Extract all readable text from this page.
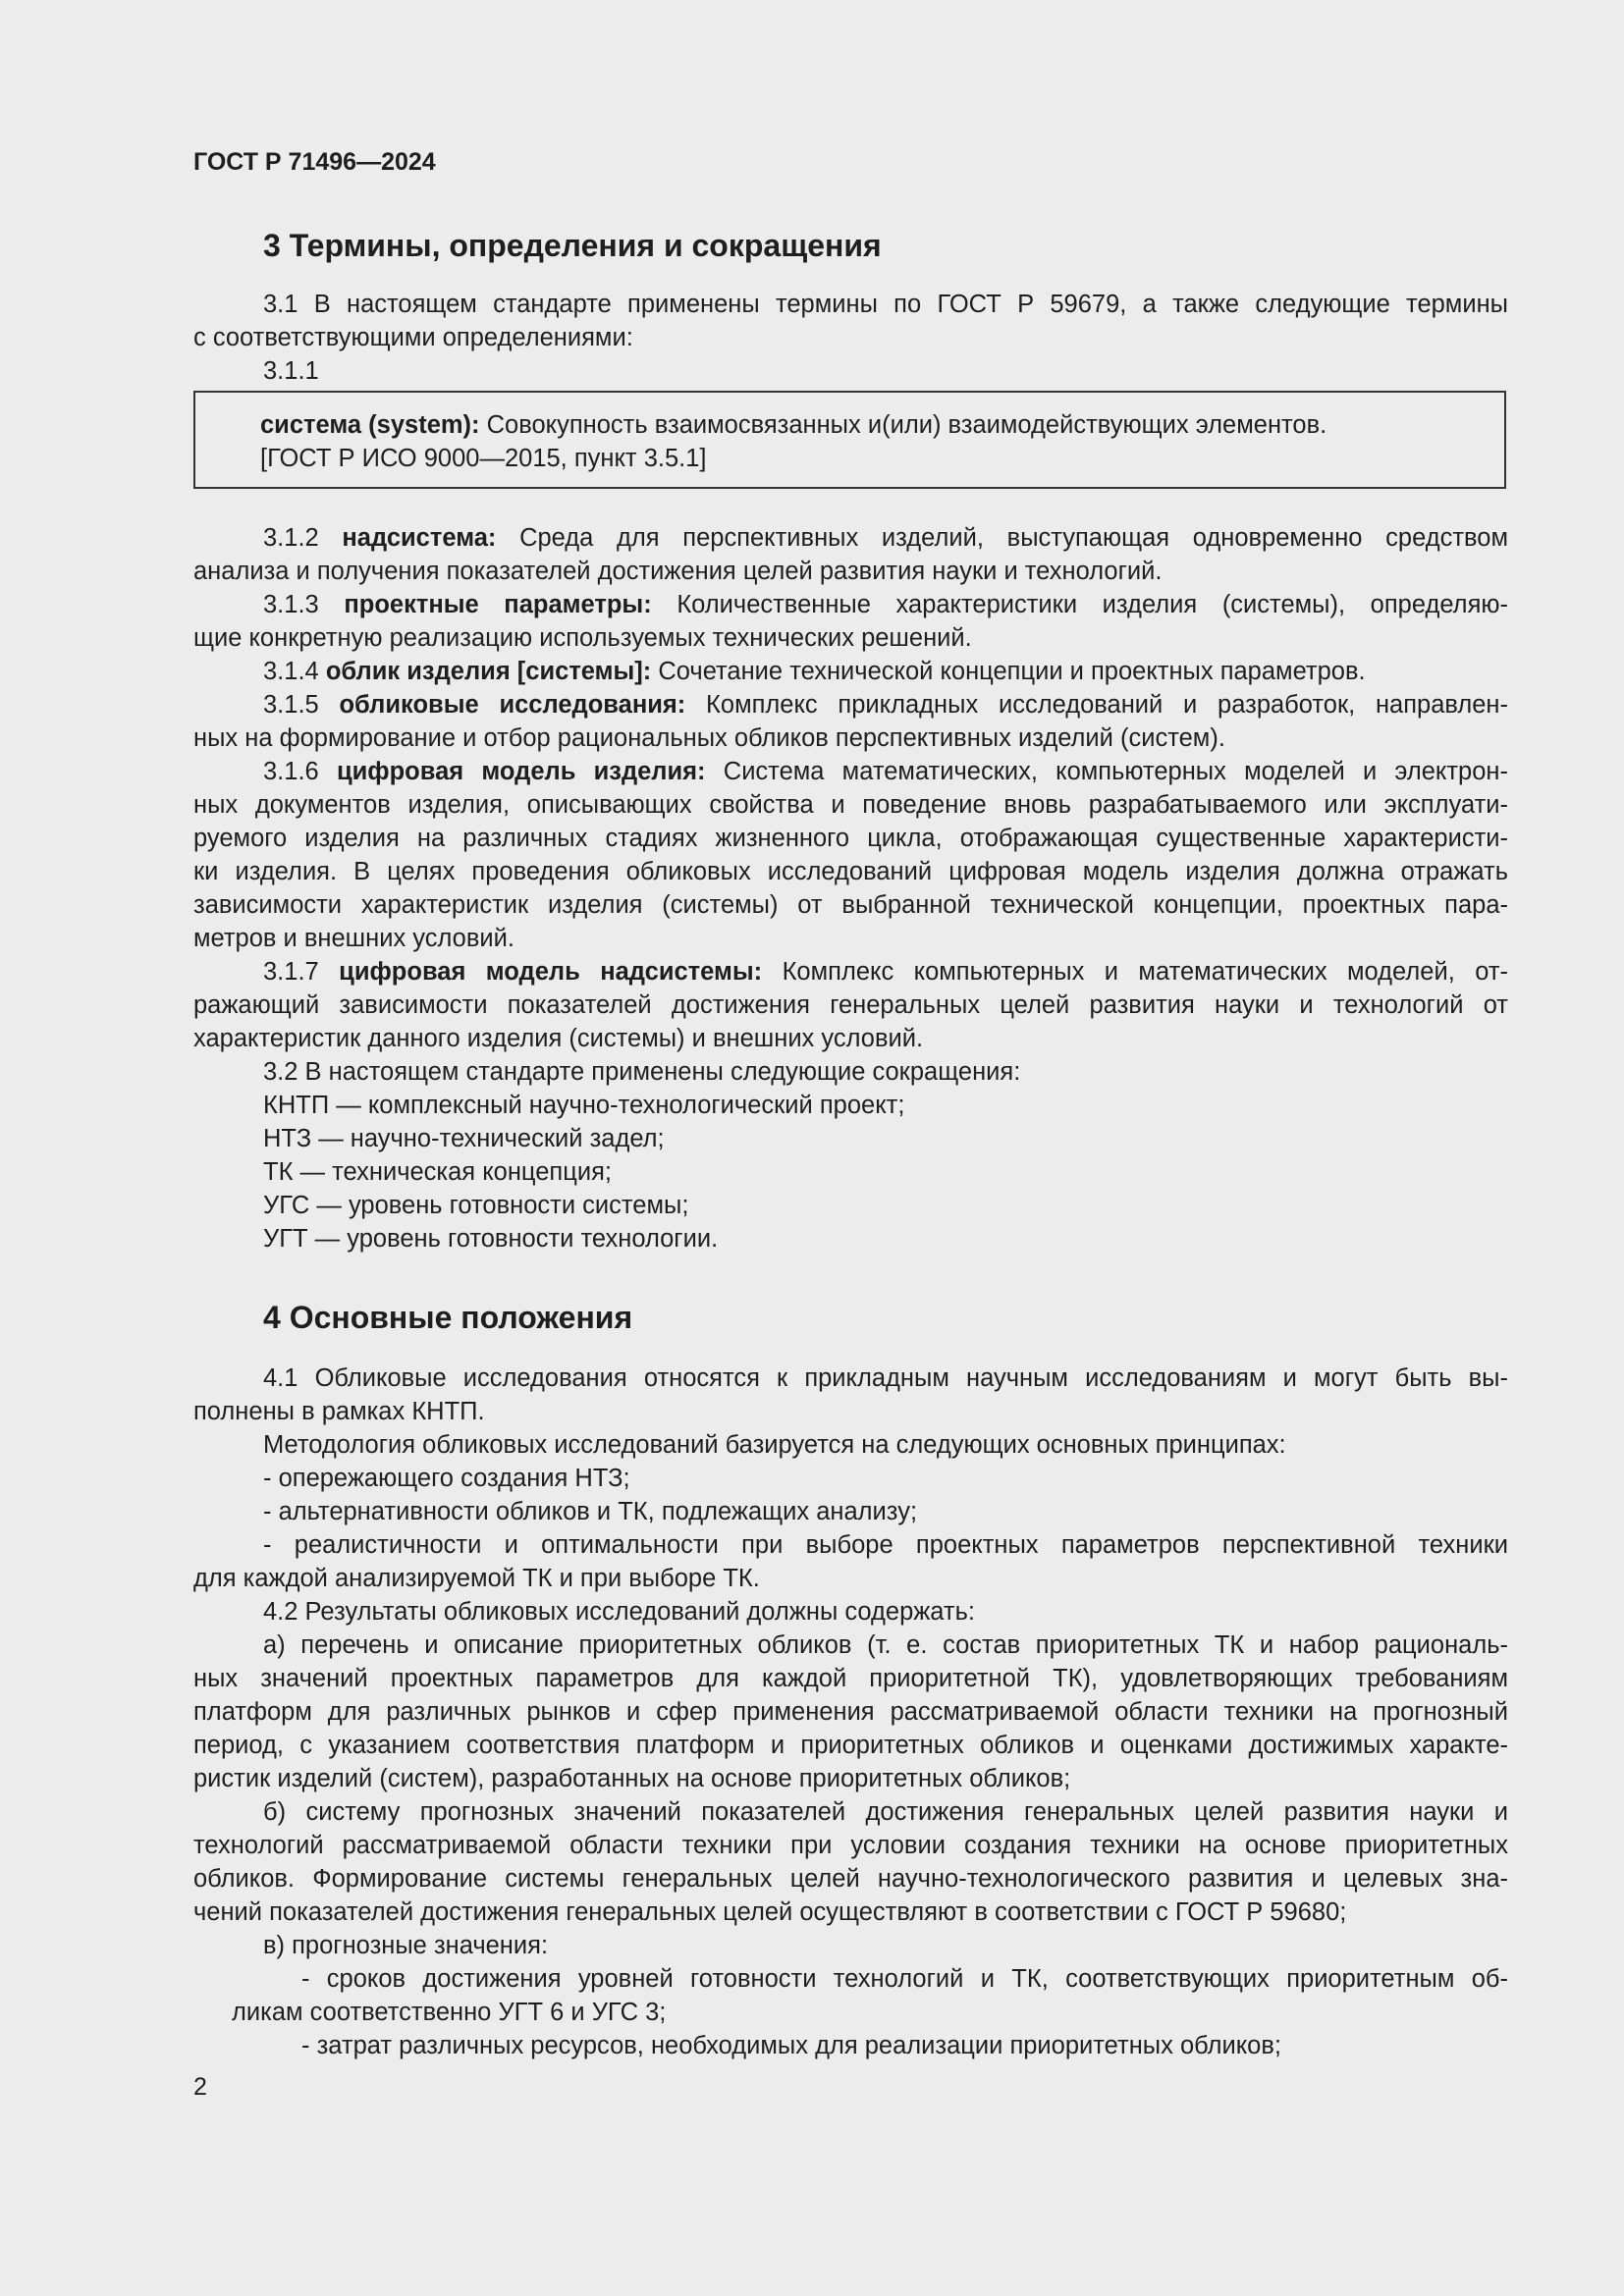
ГОСТ Р 71496—2024
3 Термины, определения и сокращения
3.1 В настоящем стандарте применены термины по ГОСТ Р 59679, а также следующие термины
с соответствующими определениями:
3.1.1
система (system): Совокупность взаимосвязанных и(или) взаимодействующих элементов.
[ГОСТ Р ИСО 9000—2015, пункт 3.5.1]
3.1.2 надсистема: Среда для перспективных изделий, выступающая одновременно средством
анализа и получения показателей достижения целей развития науки и технологий.
3.1.3 проектные параметры: Количественные характеристики изделия (системы), определяю-
щие конкретную реализацию используемых технических решений.
3.1.4 облик изделия [системы]: Сочетание технической концепции и проектных параметров.
3.1.5 обликовые исследования: Комплекс прикладных исследований и разработок, направлен-
ных на формирование и отбор рациональных обликов перспективных изделий (систем).
3.1.6 цифровая модель изделия: Система математических, компьютерных моделей и электрон-
ных документов изделия, описывающих свойства и поведение вновь разрабатываемого или эксплуати-
руемого изделия на различных стадиях жизненного цикла, отображающая существенные характеристи-
ки изделия. В целях проведения обликовых исследований цифровая модель изделия должна отражать
зависимости характеристик изделия (системы) от выбранной технической концепции, проектных пара-
метров и внешних условий.
3.1.7 цифровая модель надсистемы: Комплекс компьютерных и математических моделей, от-
ражающий зависимости показателей достижения генеральных целей развития науки и технологий от
характеристик данного изделия (системы) и внешних условий.
3.2 В настоящем стандарте применены следующие сокращения:
КНТП — комплексный научно-технологический проект;
НТЗ — научно-технический задел;
ТК — техническая концепция;
УГС — уровень готовности системы;
УГТ — уровень готовности технологии.
4 Основные положения
4.1 Обликовые исследования относятся к прикладным научным исследованиям и могут быть вы-
полнены в рамках КНТП.
Методология обликовых исследований базируется на следующих основных принципах:
- опережающего создания НТЗ;
- альтернативности обликов и ТК, подлежащих анализу;
- реалистичности и оптимальности при выборе проектных параметров перспективной техники
для каждой анализируемой ТК и при выборе ТК.
4.2 Результаты обликовых исследований должны содержать:
а) перечень и описание приоритетных обликов (т. е. состав приоритетных ТК и набор рациональ-
ных значений проектных параметров для каждой приоритетной ТК), удовлетворяющих требованиям
платформ для различных рынков и сфер применения рассматриваемой области техники на прогнозный
период, с указанием соответствия платформ и приоритетных обликов и оценками достижимых характе-
ристик изделий (систем), разработанных на основе приоритетных обликов;
б) систему прогнозных значений показателей достижения генеральных целей развития науки и
технологий рассматриваемой области техники при условии создания техники на основе приоритетных
обликов. Формирование системы генеральных целей научно-технологического развития и целевых зна-
чений показателей достижения генеральных целей осуществляют в соответствии с ГОСТ Р 59680;
в) прогнозные значения:
- сроков достижения уровней готовности технологий и ТК, соответствующих приоритетным об-
ликам соответственно УГТ 6 и УГС 3;
- затрат различных ресурсов, необходимых для реализации приоритетных обликов;
2
